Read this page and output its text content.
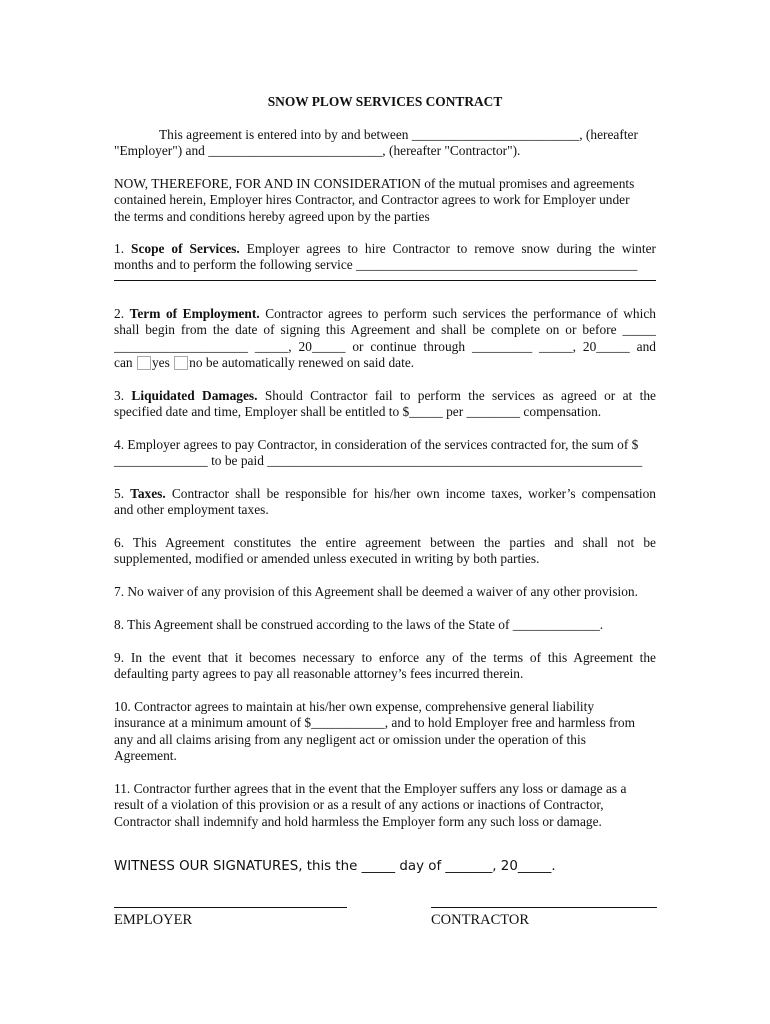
SNOW PLOW SERVICES CONTRACT
This agreement is entered into by and between _________________________, (hereafter
"Employer") and __________________________, (hereafter "Contractor").
NOW, THEREFORE, FOR AND IN CONSIDERATION of the mutual promises and agreements
contained herein, Employer hires Contractor, and Contractor agrees to work for Employer under
the terms and conditions hereby agreed upon by the parties
1. Scope of Services. Employer agrees to hire Contractor to remove snow during the winter
months and to perform the following service __________________________________________
2. Term of Employment. Contractor agrees to perform such services the performance of which
shall begin from the date of signing this Agreement and shall be complete on or before _____
____________________ _____, 20_____ or continue through _________ _____, 20_____ and
can yes no be automatically renewed on said date.
3. Liquidated Damages. Should Contractor fail to perform the services as agreed or at the
specified date and time, Employer shall be entitled to $_____ per ________ compensation.
4. Employer agrees to pay Contractor, in consideration of the services contracted for, the sum of $
______________ to be paid ________________________________________________________
5. Taxes. Contractor shall be responsible for his/her own income taxes, worker’s compensation
and other employment taxes.
6. This Agreement constitutes the entire agreement between the parties and shall not be
supplemented, modified or amended unless executed in writing by both parties.
7. No waiver of any provision of this Agreement shall be deemed a waiver of any other provision.
8. This Agreement shall be construed according to the laws of the State of _____________.
9. In the event that it becomes necessary to enforce any of the terms of this Agreement the
defaulting party agrees to pay all reasonable attorney’s fees incurred therein.
10. Contractor agrees to maintain at his/her own expense, comprehensive general liability
insurance at a minimum amount of $___________, and to hold Employer free and harmless from
any and all claims arising from any negligent act or omission under the operation of this
Agreement.
11. Contractor further agrees that in the event that the Employer suffers any loss or damage as a
result of a violation of this provision or as a result of any actions or inactions of Contractor,
Contractor shall indemnify and hold harmless the Employer form any such loss or damage.
WITNESS OUR SIGNATURES, this the _____ day of _______, 20_____.
EMPLOYER	CONTRACTOR
